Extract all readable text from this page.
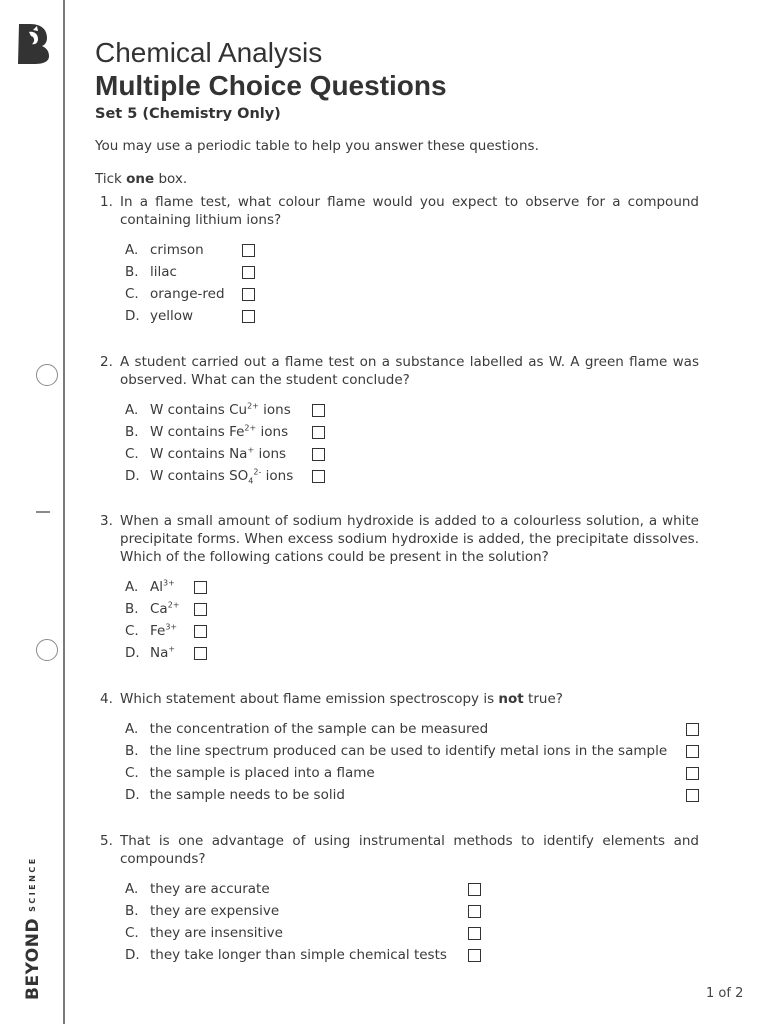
BEYONDSCIENCE
Chemical Analysis
Multiple Choice Questions
Set 5 (Chemistry Only)
You may use a periodic table to help you answer these questions.
Tick one box.
1. In a flame test, what colour flame would you expect to observe for a compound containing lithium ions?
A. crimson
B. lilac
C. orange-red
D. yellow
2. A student carried out a flame test on a substance labelled as W. A green flame was observed. What can the student conclude?
A. W contains $Cu^{2+}$ ions
B. W contains $Fe^{2+}$ ions
C. W contains Na+ ions
D. W contains $SO_4^{2-}$ ions
3. When a small amount of sodium hydroxide is added to a colourless solution, a white precipitate forms. When excess sodium hydroxide is added, the precipitate dissolves. Which of the following cations could be present in the solution?
A. $Al^{3+}$
B. $Ca^{2+}$
C. $Fe^{3+}$
D. Na+
4. Which statement about flame emission spectroscopy is not true?
A. the concentration of the sample can be measured
B. the line spectrum produced can be used to identify metal ions in the sample
C. the sample is placed into a flame
D. the sample needs to be solid
5. That is one advantage of using instrumental methods to identify elements and compounds?
A. they are accurate
B. they are expensive
C. they are insensitive
D. they take longer than simple chemical tests
1 of 2
